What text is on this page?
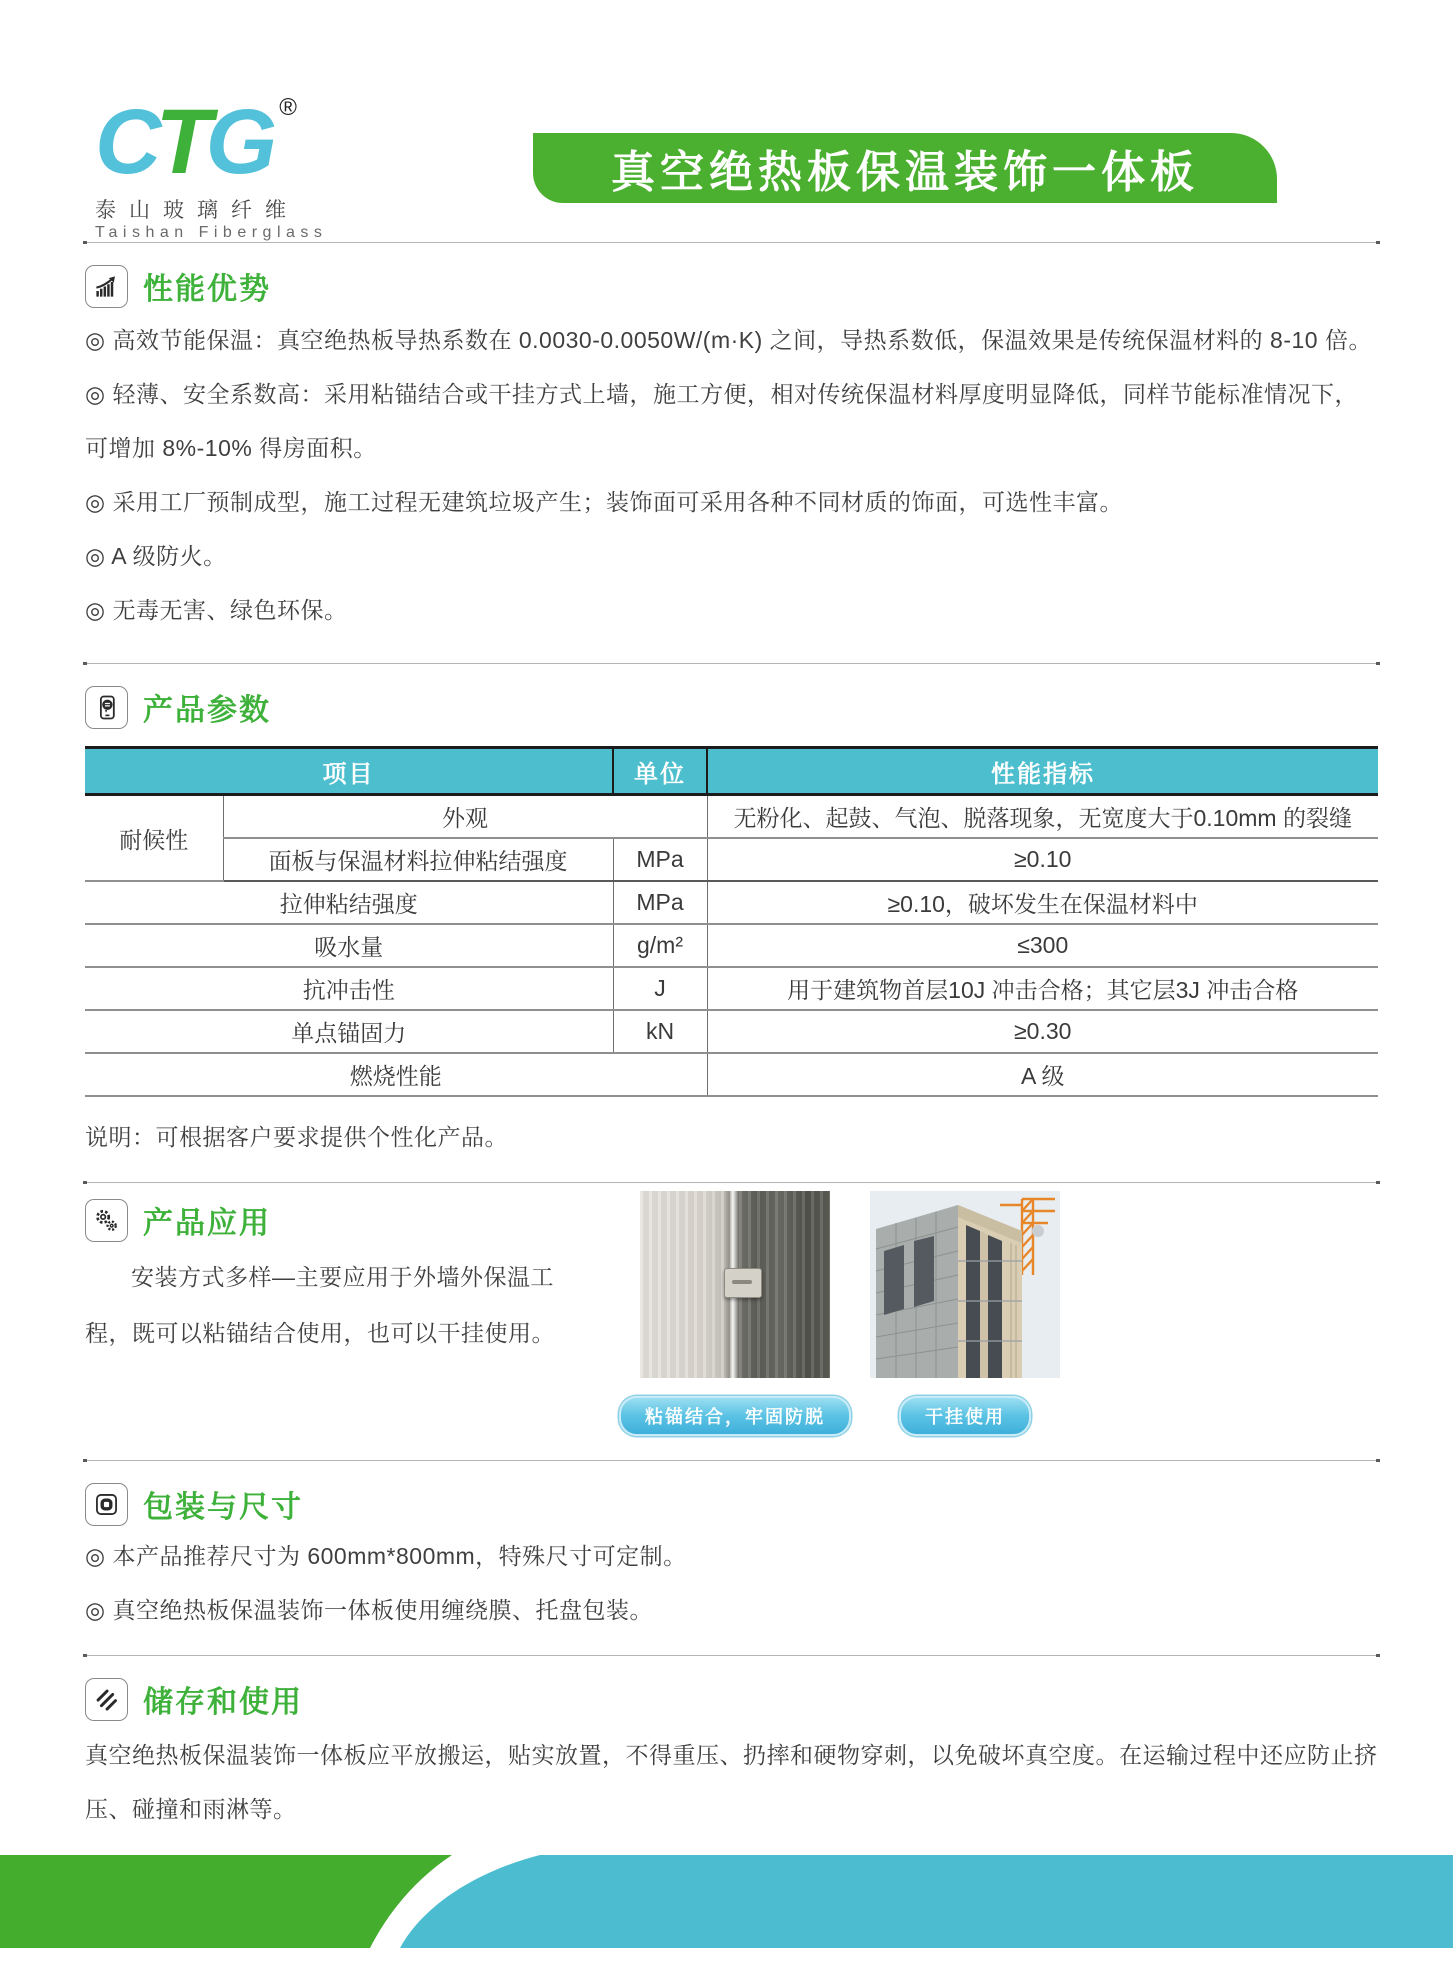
CTG ®
泰山玻璃纤维
Taishan Fiberglass
真空绝热板保温装饰一体板
性能优势

◎ 高效节能保温：真空绝热板导热系数在 0.0030-0.0050W/(m·K) 之间，导热系数低，保温效果是传统保温材料的 8-10 倍。

◎ 轻薄、安全系数高：采用粘锚结合或干挂方式上墙，施工方便，相对传统保温材料厚度明显降低，同样节能标准情况下，可增加 8%-10% 得房面积。

◎ 采用工厂预制成型，施工过程无建筑垃圾产生；装饰面可采用各种不同材质的饰面，可选性丰富。

◎ A 级防火。

◎ 无毒无害、绿色环保。

产品参数
项目		单位	性能指标
耐候性	外观		无粉化、起鼓、气泡、脱落现象，无宽度大于0.10mm 的裂缝
	面板与保温材料拉伸粘结强度	MPa	≥0.10
拉伸粘结强度		MPa	≥0.10，破坏发生在保温材料中
吸水量		g/m²	≤300
抗冲击性		J	用于建筑物首层10J 冲击合格；其它层3J 冲击合格
单点锚固力		kN	≥0.30
燃烧性能			A 级

说明：可根据客户要求提供个性化产品。

产品应用

安装方式多样—主要应用于外墙外保温工程，既可以粘锚结合使用，也可以干挂使用。

粘锚结合，牢固防脱	干挂使用
包装与尺寸

◎ 本产品推荐尺寸为 600mm*800mm，特殊尺寸可定制。

◎ 真空绝热板保温装饰一体板使用缠绕膜、托盘包装。

储存和使用

真空绝热板保温装饰一体板应平放搬运，贴实放置，不得重压、扔摔和硬物穿刺，以免破坏真空度。在运输过程中还应防止挤压、碰撞和雨淋等。
